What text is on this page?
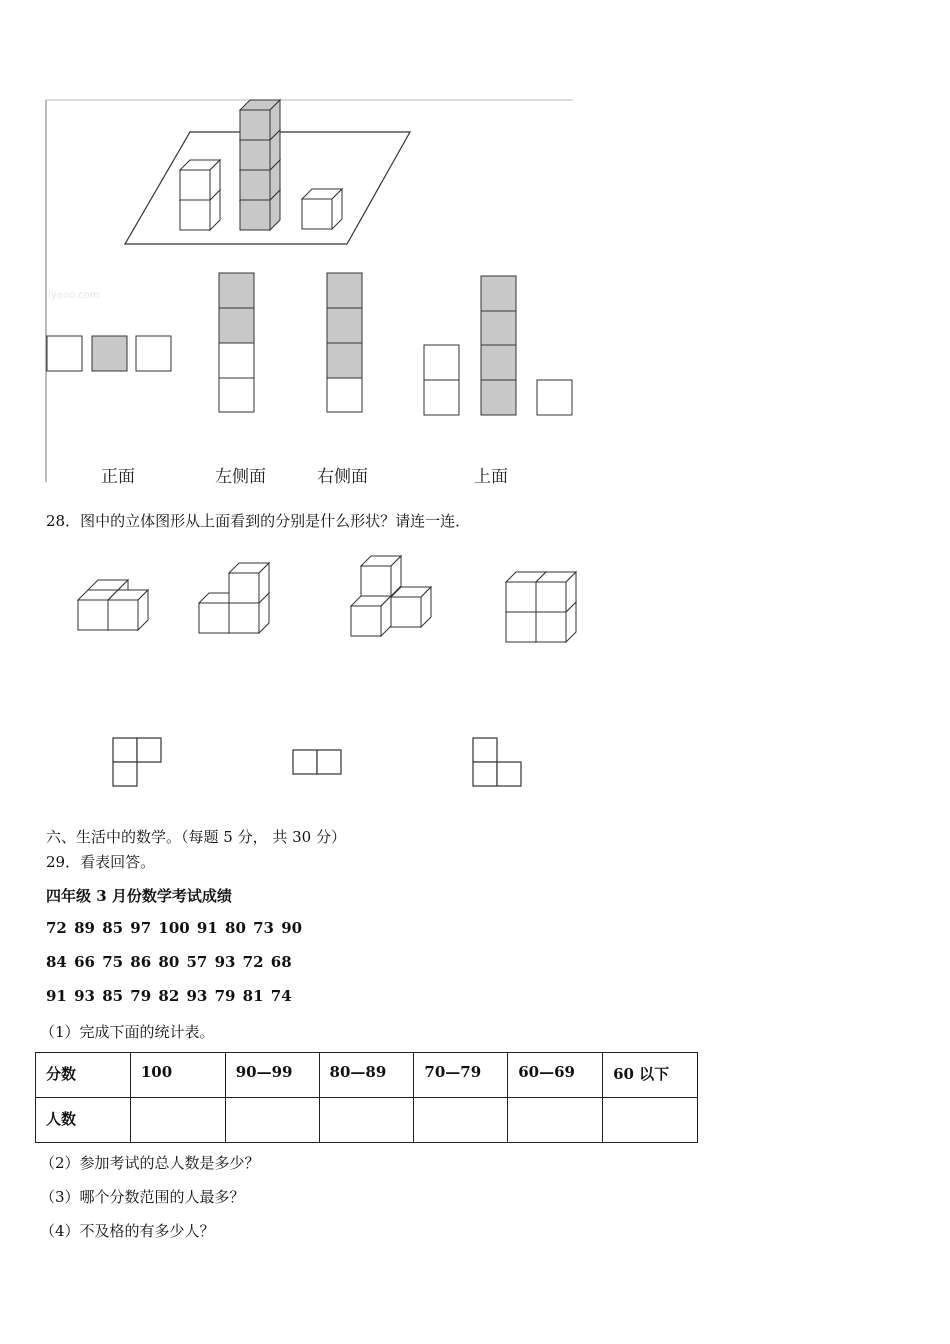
lyeoo.com
正面	左侧面	右侧面	上面
28．图中的立体图形从上面看到的分别是什么形状？请连一连．
六、生活中的数学。（每题 5 分， 共 30 分）
29．看表回答。
四年级 3 月份数学考试成绩
72 89 85 97 100 91 80 73 90
84 66 75 86 80 57 93 72 68
91 93 85 79 82 93 79 81 74
（1）完成下面的统计表。
分数	100	90—99	80—89	70—79	60—69	60 以下
人数						
（2）参加考试的总人数是多少？
（3）哪个分数范围的人最多？
（4）不及格的有多少人？
